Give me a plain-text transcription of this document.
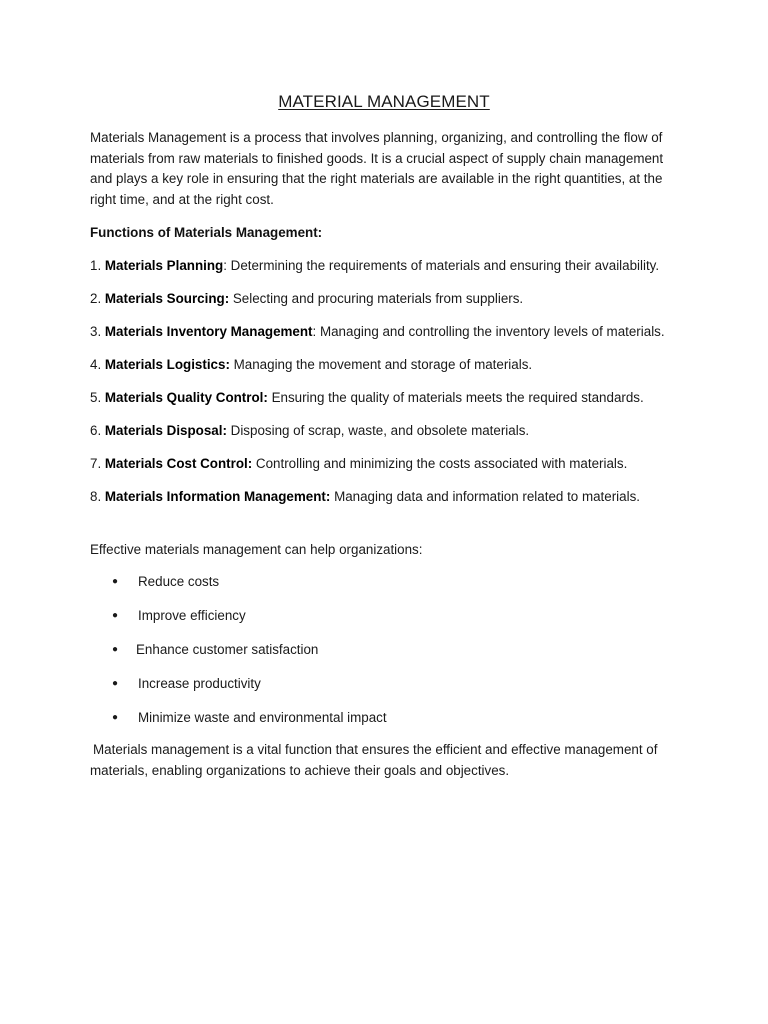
MATERIAL MANAGEMENT

Materials Management is a process that involves planning, organizing, and controlling the flow of materials from raw materials to finished goods. It is a crucial aspect of supply chain management and plays a key role in ensuring that the right materials are available in the right quantities, at the right time, and at the right cost.

Functions of Materials Management:

1. Materials Planning: Determining the requirements of materials and ensuring their availability.
2. Materials Sourcing: Selecting and procuring materials from suppliers.
3. Materials Inventory Management: Managing and controlling the inventory levels of materials.
4. Materials Logistics: Managing the movement and storage of materials.
5. Materials Quality Control: Ensuring the quality of materials meets the required standards.
6. Materials Disposal: Disposing of scrap, waste, and obsolete materials.
7. Materials Cost Control: Controlling and minimizing the costs associated with materials.
8. Materials Information Management: Managing data and information related to materials.

Effective materials management can help organizations:

● Reduce costs
● Improve efficiency
● Enhance customer satisfaction
● Increase productivity
● Minimize waste and environmental impact

Materials management is a vital function that ensures the efficient and effective management of materials, enabling organizations to achieve their goals and objectives.
